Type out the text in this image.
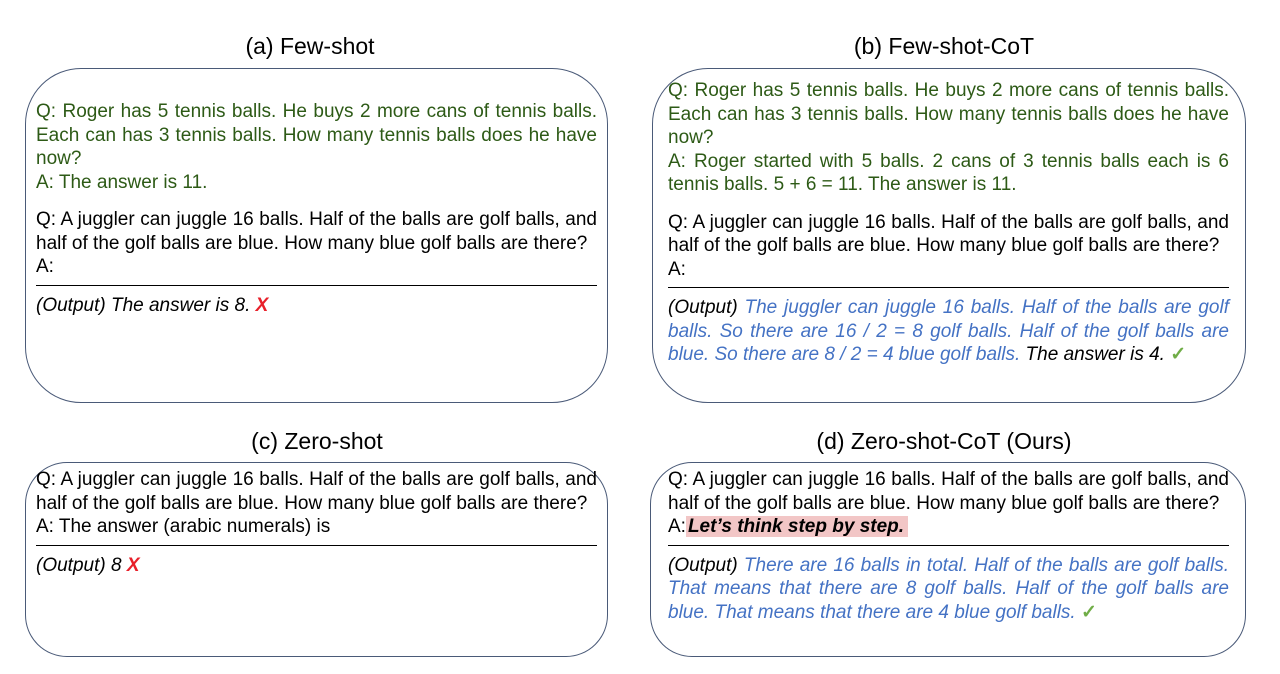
(a) Few-shot

Q: Roger has 5 tennis balls. He buys 2 more cans of tennis balls. Each can has 3 tennis balls. How many tennis balls does he have now?

A: The answer is 11.

Q: A juggler can juggle 16 balls. Half of the balls are golf balls, and half of the golf balls are blue. How many blue golf balls are there?

A:

(Output) The answer is 8. X

(b) Few-shot-CoT

Q: Roger has 5 tennis balls. He buys 2 more cans of tennis balls. Each can has 3 tennis balls. How many tennis balls does he have now?

A: Roger started with 5 balls. 2 cans of 3 tennis balls each is 6 tennis balls. 5 + 6 = 11. The answer is 11.

Q: A juggler can juggle 16 balls. Half of the balls are golf balls, and half of the golf balls are blue. How many blue golf balls are there?

A:

(Output) The juggler can juggle 16 balls. Half of the balls are golf balls. So there are 16 / 2 = 8 golf balls. Half of the golf balls are blue. So there are 8 / 2 = 4 blue golf balls. The answer is 4. ✓

(c) Zero-shot

Q: A juggler can juggle 16 balls. Half of the balls are golf balls, and half of the golf balls are blue. How many blue golf balls are there?

A: The answer (arabic numerals) is

(Output) 8 X

(d) Zero-shot-CoT (Ours)

Q: A juggler can juggle 16 balls. Half of the balls are golf balls, and half of the golf balls are blue. How many blue golf balls are there?

A: Let’s think step by step.

(Output) There are 16 balls in total. Half of the balls are golf balls. That means that there are 8 golf balls. Half of the golf balls are blue. That means that there are 4 blue golf balls. ✓
